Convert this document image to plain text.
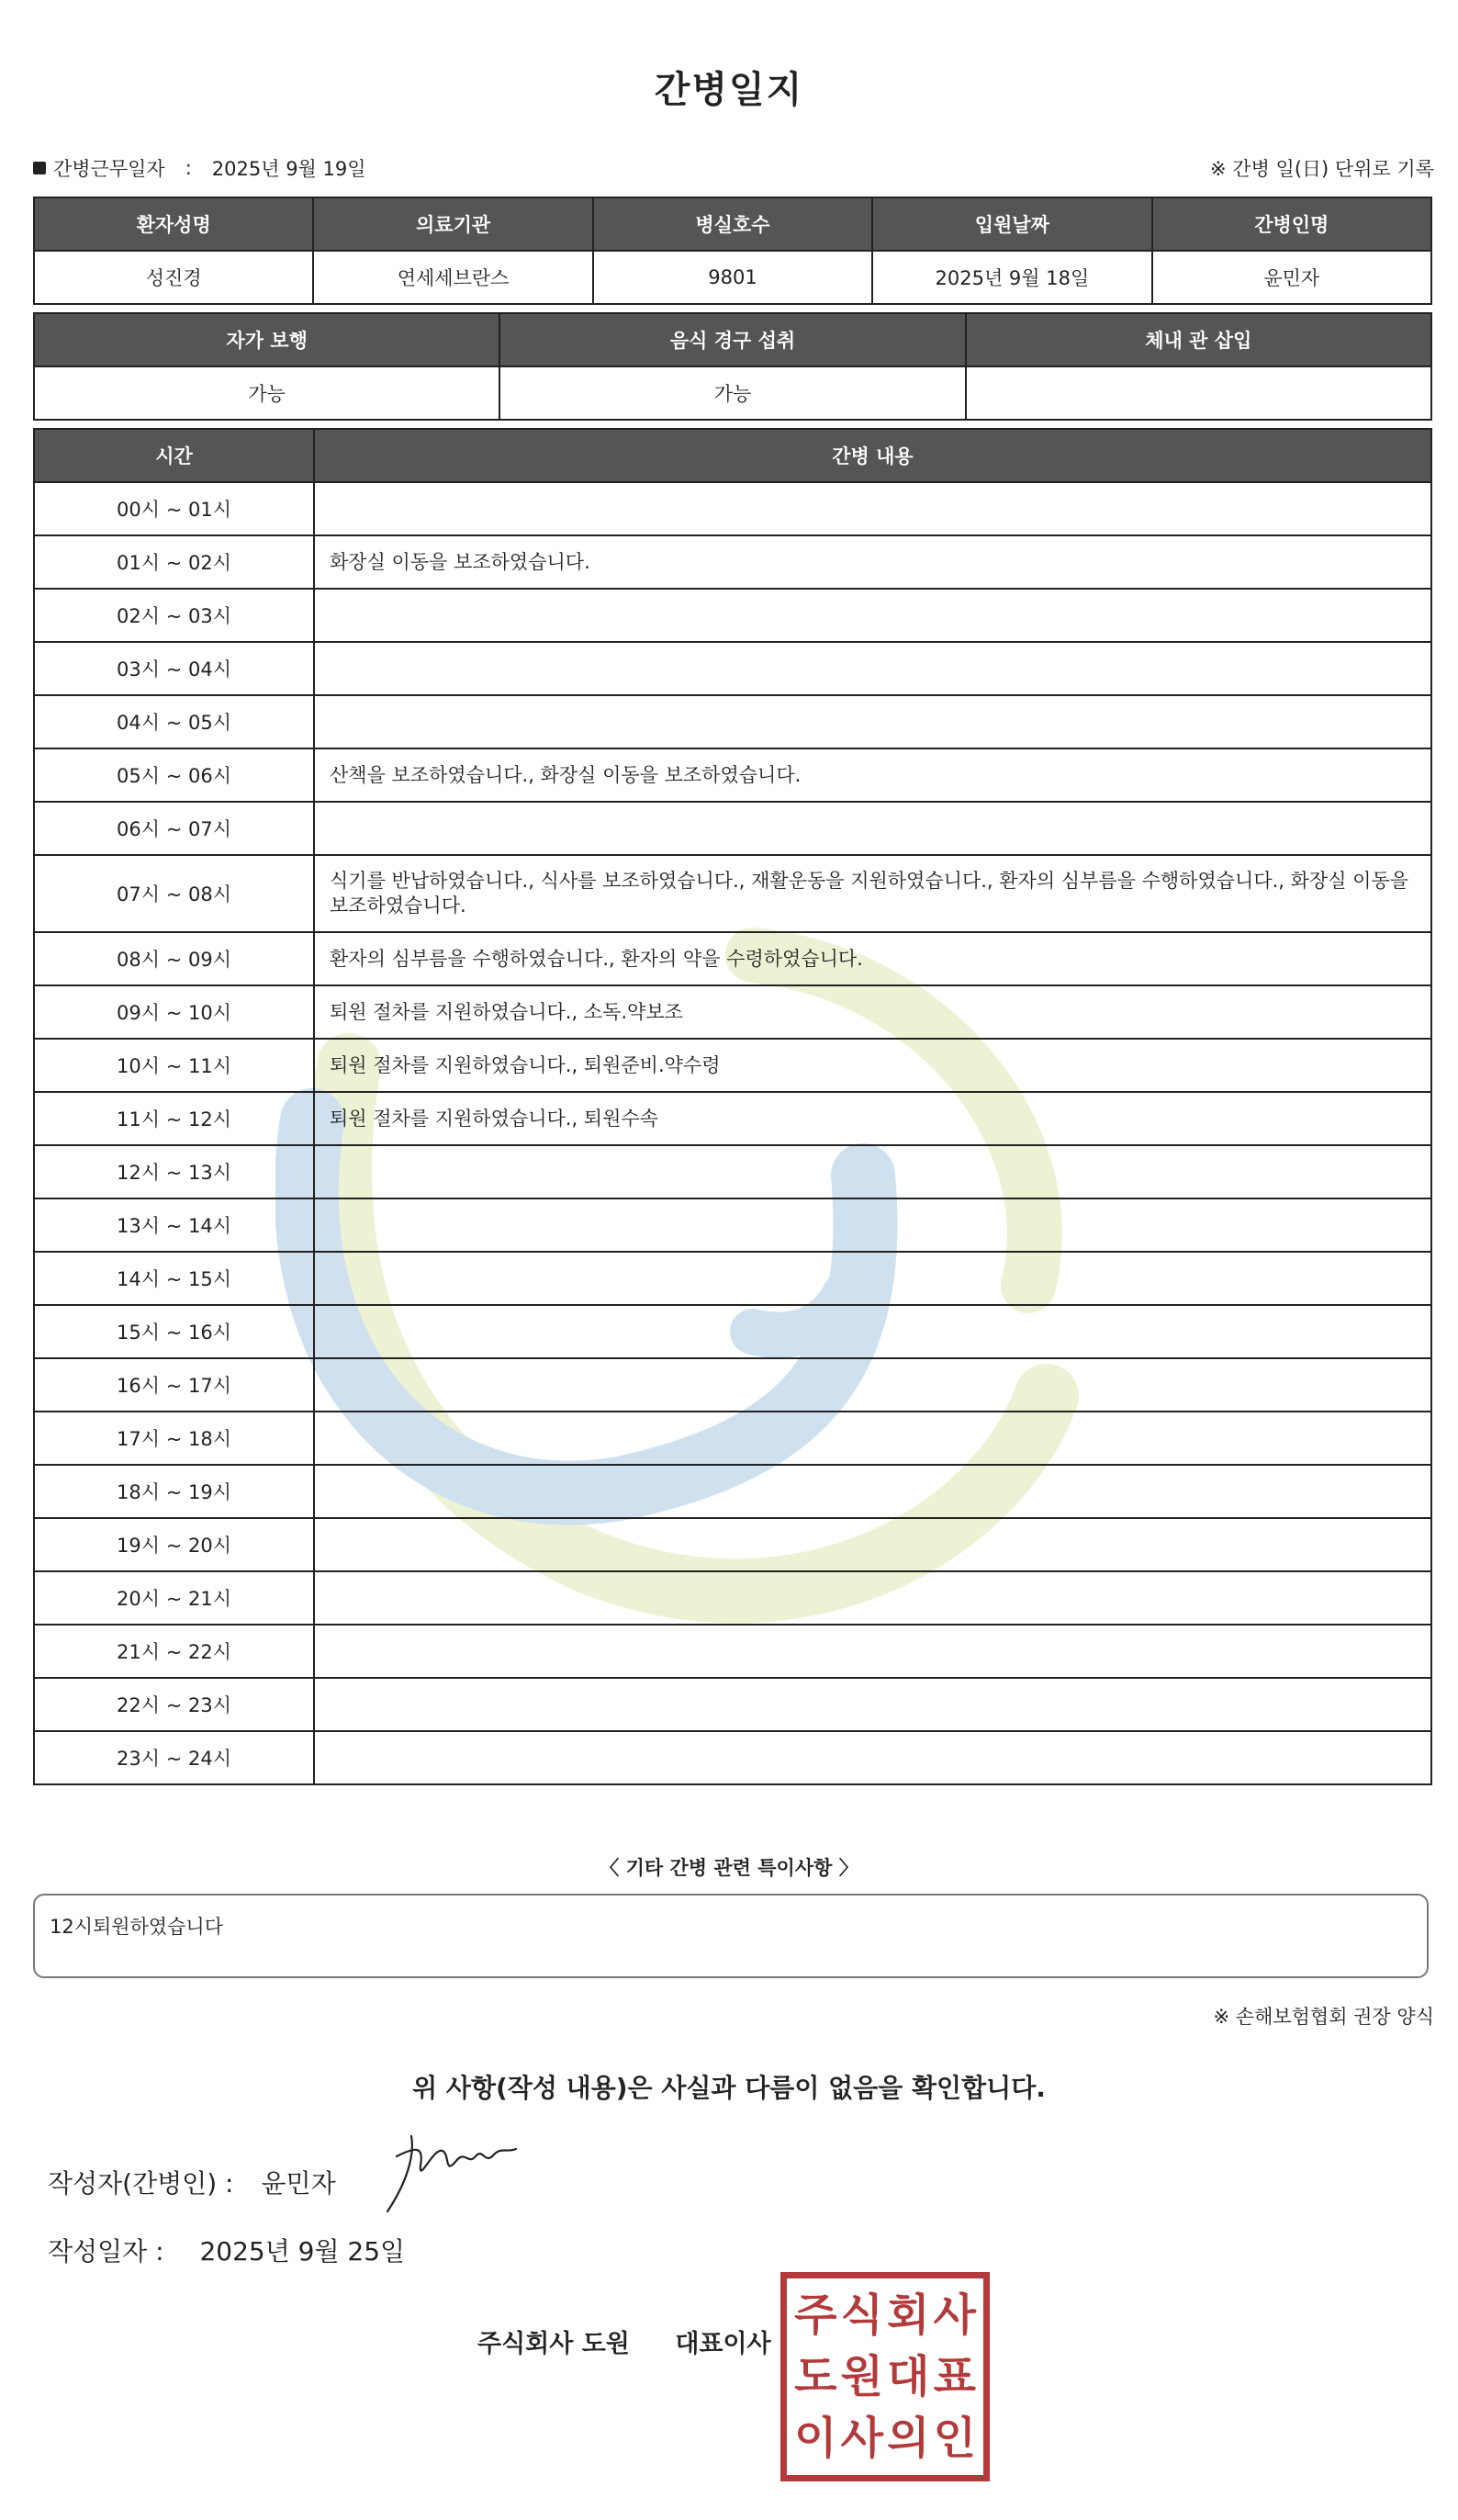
간병일지
간병근무일자 : 2025년 9월 19일	※ 간병 일(日) 단위로 기록
환자성명	의료기관	병실호수	입원날짜	간병인명
성진경	연세세브란스	9801	2025년 9월 18일	윤민자
자가 보행	음식 경구 섭취	체내 관 삽입
가능	가능	
시간	간병 내용
00시 ~ 01시	
01시 ~ 02시	화장실 이동을 보조하였습니다.
02시 ~ 03시	
03시 ~ 04시	
04시 ~ 05시	
05시 ~ 06시	산책을 보조하였습니다., 화장실 이동을 보조하였습니다.
06시 ~ 07시	
07시 ~ 08시	식기를 반납하였습니다., 식사를 보조하였습니다., 재활운동을 지원하였습니다., 환자의 심부름을 수행하였습니다., 화장실 이동을 보조하였습니다.
08시 ~ 09시	환자의 심부름을 수행하였습니다., 환자의 약을 수령하였습니다.
09시 ~ 10시	퇴원 절차를 지원하였습니다., 소독.약보조
10시 ~ 11시	퇴원 절차를 지원하였습니다., 퇴원준비.약수령
11시 ~ 12시	퇴원 절차를 지원하였습니다., 퇴원수속
12시 ~ 13시	
13시 ~ 14시	
14시 ~ 15시	
15시 ~ 16시	
16시 ~ 17시	
17시 ~ 18시	
18시 ~ 19시	
19시 ~ 20시	
20시 ~ 21시	
21시 ~ 22시	
22시 ~ 23시	
23시 ~ 24시	
〈 기타 간병 관련 특이사항 〉
12시퇴원하였습니다
※ 손해보험협회 권장 양식
위 사항(작성 내용)은 사실과 다름이 없음을 확인합니다.
작성자(간병인) : 윤민자
작성일자 : 2025년 9월 25일
주식회사 도원 대표이사
주 식 회 사
도 원 대 표
이 사 의 인
